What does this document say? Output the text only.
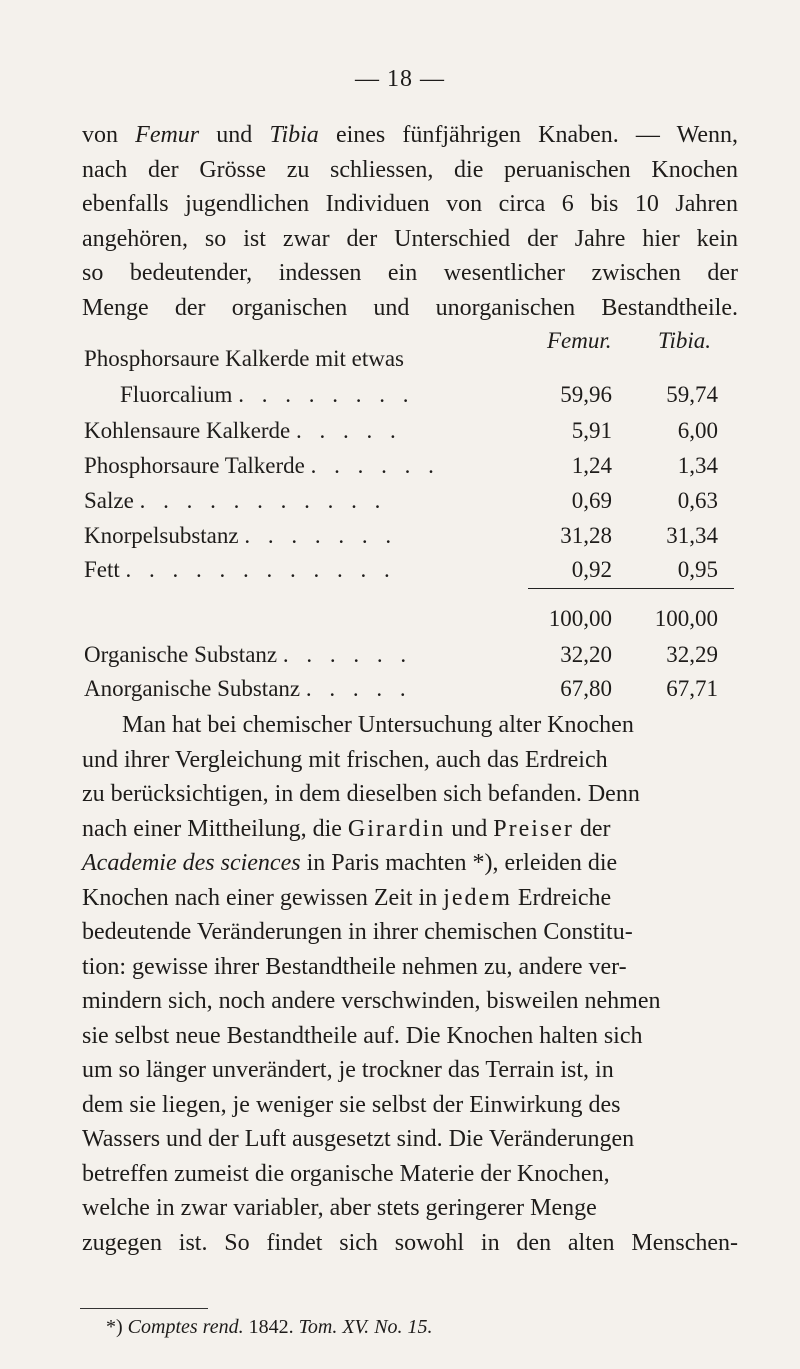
— 18 —
von Femur und Tibia eines fünfjährigen Knaben. — Wenn,
nach der Grösse zu schliessen, die peruanischen Knochen
ebenfalls jugendlichen Individuen von circa 6 bis 10 Jahren
angehören, so ist zwar der Unterschied der Jahre hier kein
so bedeutender, indessen ein wesentlicher zwischen der
Menge der organischen und unorganischen Bestandtheile.
Femur. Tibia.
Phosphorsaure Kalkerde mit etwas
Fluorcalium . . . . . . . .	59,96	59,74
Kohlensaure Kalkerde . . . . .	5,91	6,00
Phosphorsaure Talkerde . . . . . .	1,24	1,34
Salze . . . . . . . . . . .	0,69	0,63
Knorpelsubstanz . . . . . . .	31,28	31,34
Fett . . . . . . . . . . . .	0,92	0,95
100,00	100,00
Organische Substanz . . . . . .	32,20	32,29
Anorganische Substanz . . . . .	67,80	67,71
Man hat bei chemischer Untersuchung alter Knochen
und ihrer Vergleichung mit frischen, auch das Erdreich
zu berücksichtigen, in dem dieselben sich befanden. Denn
nach einer Mittheilung, die Girardin und Preiser der
Academie des sciences in Paris machten *), erleiden die
Knochen nach einer gewissen Zeit in jedem Erdreiche
bedeutende Veränderungen in ihrer chemischen Constitu-
tion: gewisse ihrer Bestandtheile nehmen zu, andere ver-
mindern sich, noch andere verschwinden, bisweilen nehmen
sie selbst neue Bestandtheile auf. Die Knochen halten sich
um so länger unverändert, je trockner das Terrain ist, in
dem sie liegen, je weniger sie selbst der Einwirkung des
Wassers und der Luft ausgesetzt sind. Die Veränderungen
betreffen zumeist die organische Materie der Knochen,
welche in zwar variabler, aber stets geringerer Menge
zugegen ist. So findet sich sowohl in den alten Menschen-
*) Comptes rend. 1842. Tom. XV. No. 15.
